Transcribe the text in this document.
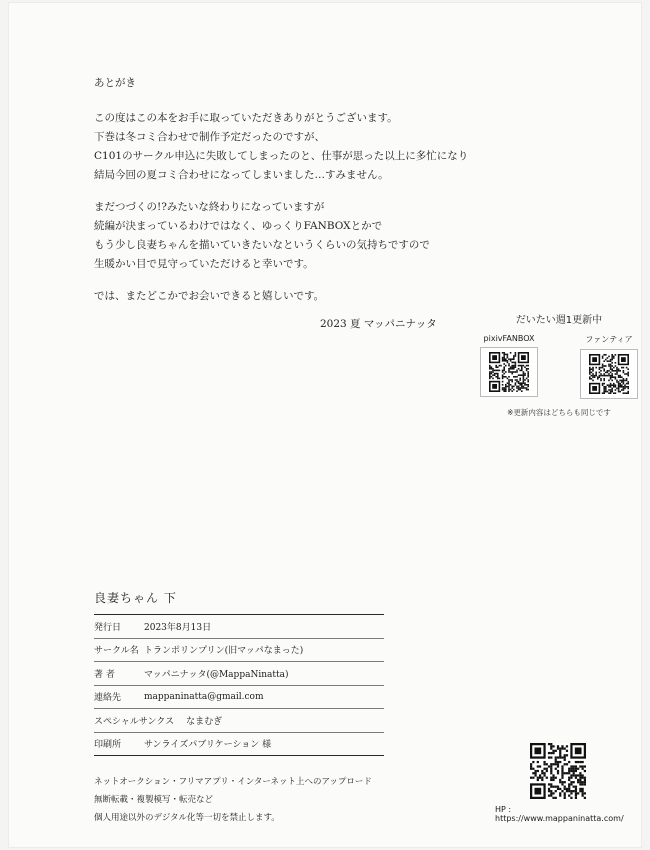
あとがき

この度はこの本をお手に取っていただきありがとうございます。
下巻は冬コミ合わせで制作予定だったのですが、
C101のサークル申込に失敗してしまったのと、仕事が思った以上に多忙になり
結局今回の夏コミ合わせになってしまいました…すみません。

まだつづくの!?みたいな終わりになっていますが
続編が決まっているわけではなく、ゆっくりFANBOXとかで
もう少し良妻ちゃんを描いていきたいなというくらいの気持ちですので
生暖かい目で見守っていただけると幸いです。

では、またどこかでお会いできると嬉しいです。

2023 夏 マッパニナッタ	だいたい週1更新中
pixivFANBOX	ファンティア
※更新内容はどちらも同じです
良妻ちゃん 下
発行日	2023年8月13日
サークル名 トランポリンプリン(旧マッパなまった)
著 者	マッパニナッタ(@MappaNinatta)
連絡先	mappaninatta@gmail.com
スペシャルサンクス なまむぎ
印刷所	サンライズパブリケーション 様
ネットオークション・フリマアプリ・インターネット上へのアップロード
無断転載・複製模写・転売など
個人用途以外のデジタル化等一切を禁止します。
HP : https://www.mappaninatta.com/
